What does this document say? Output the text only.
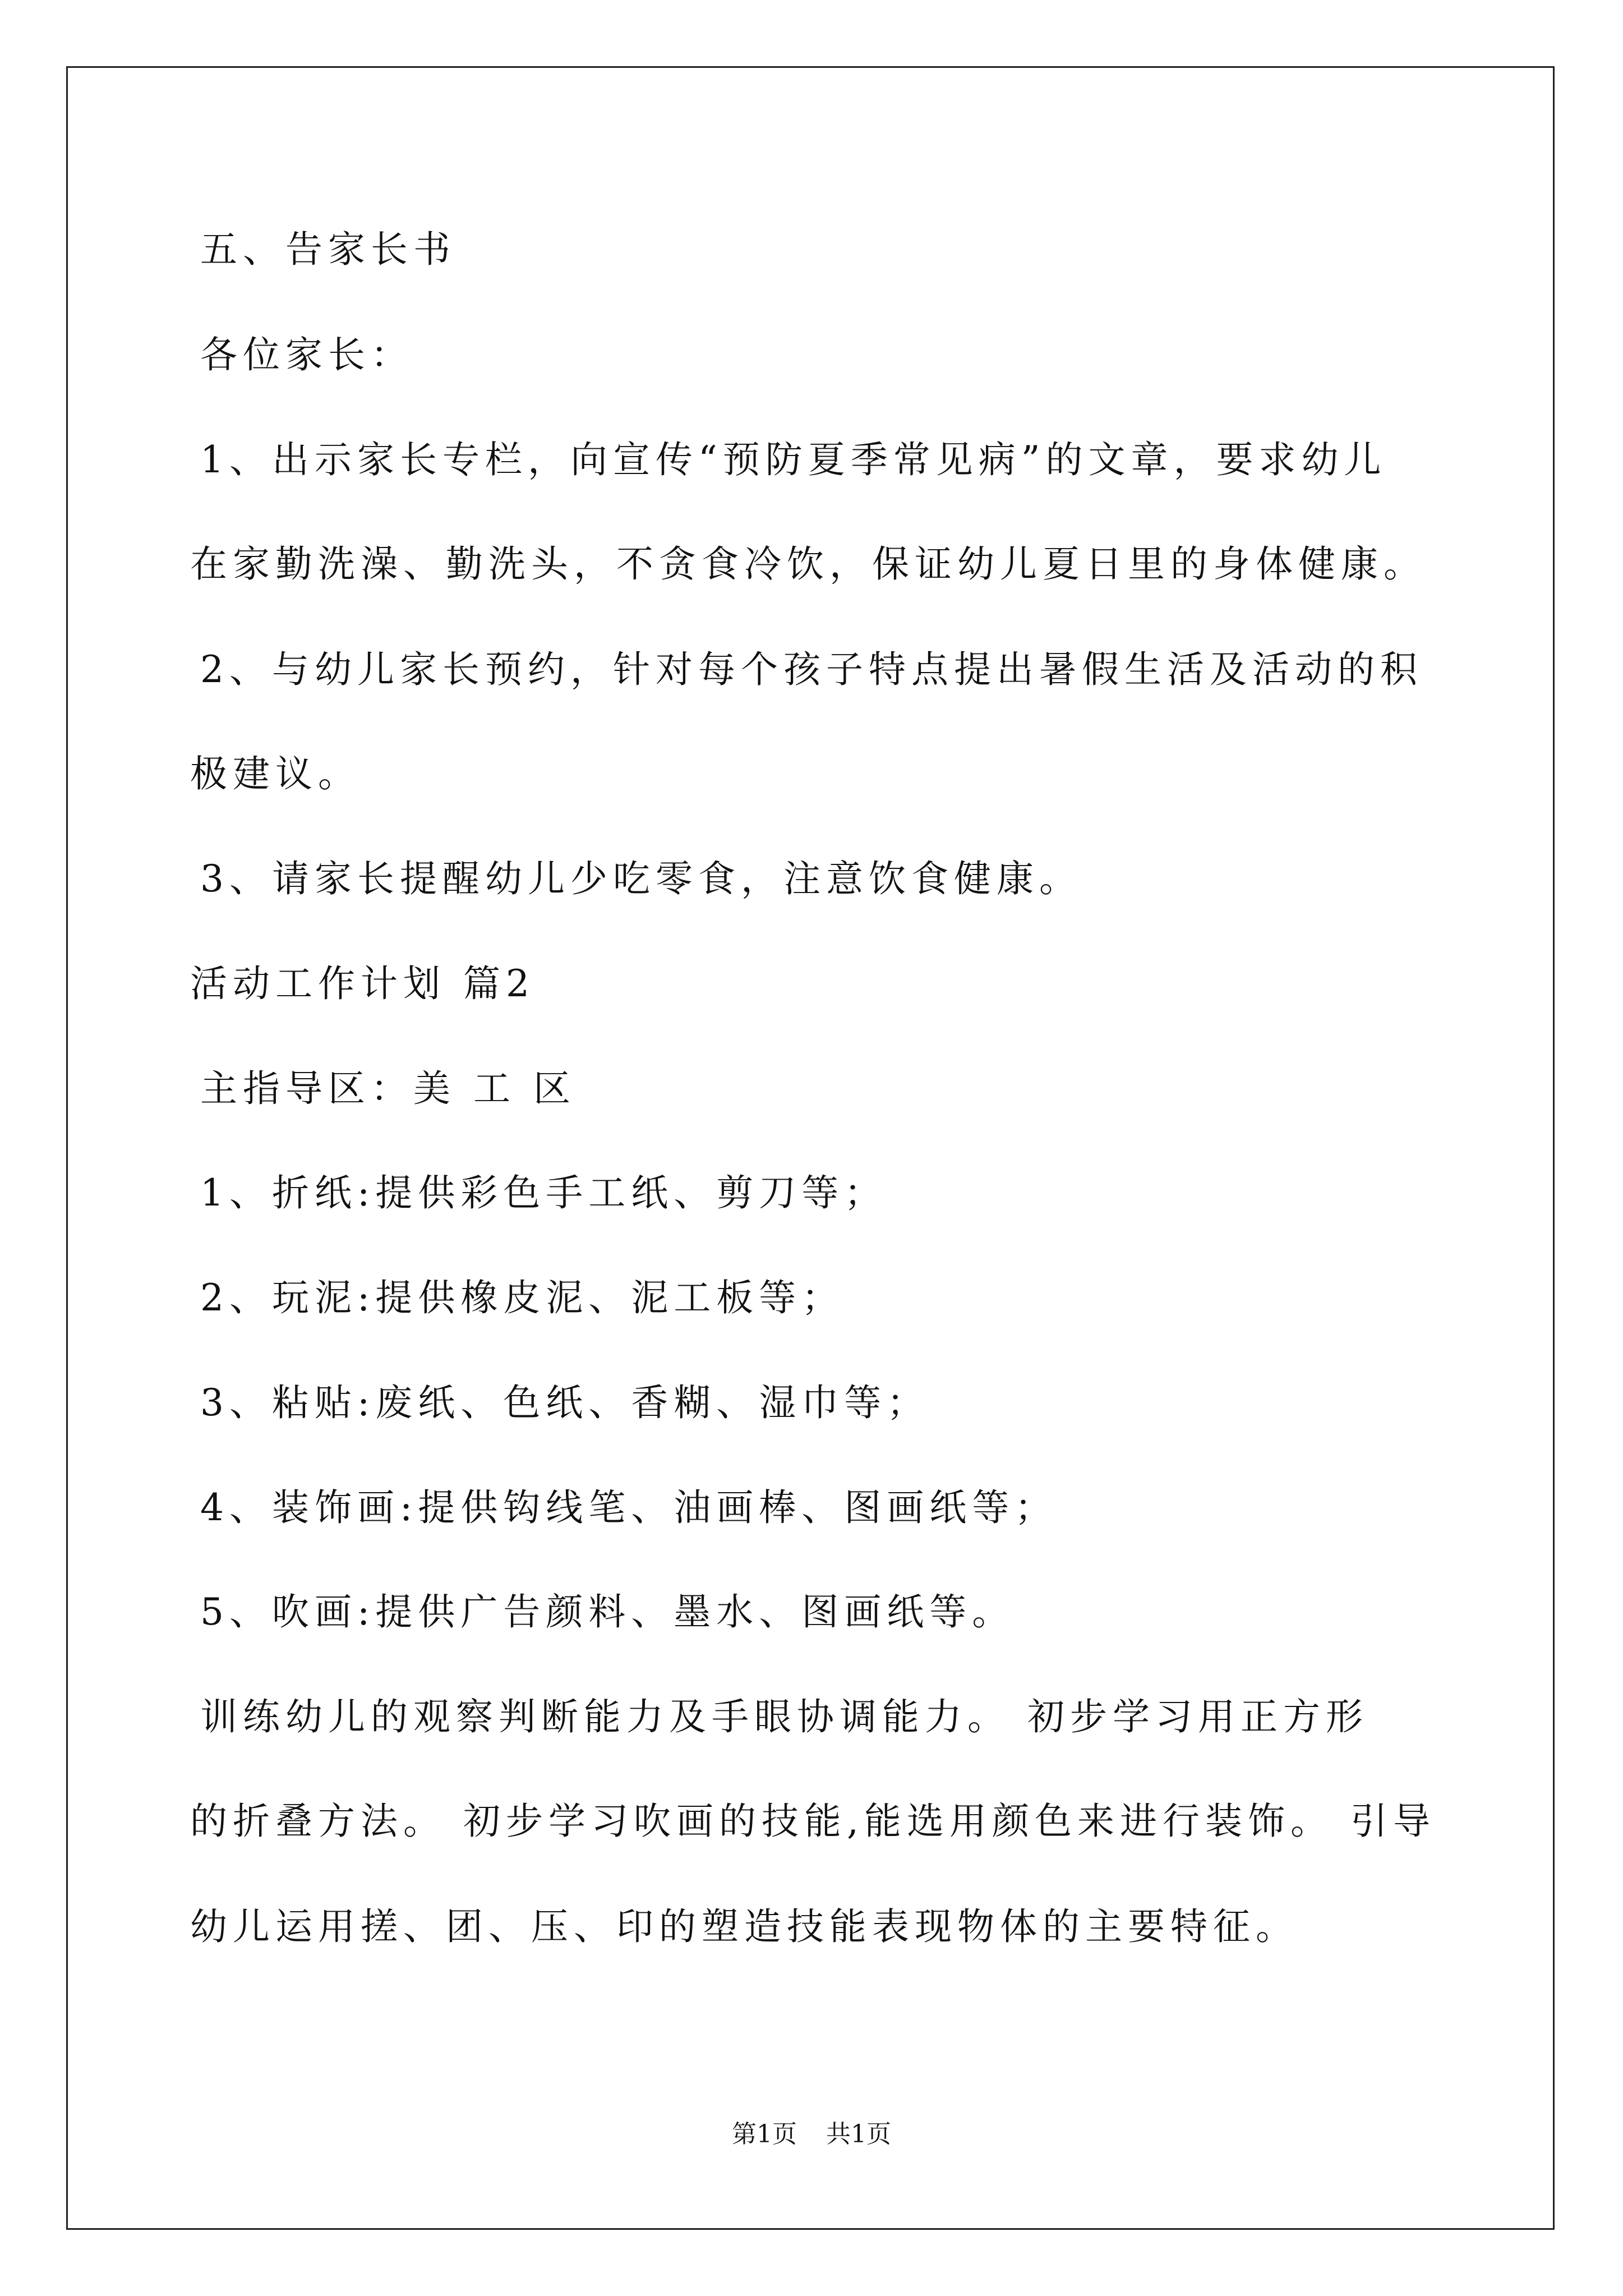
五、告家长书

各位家长：

1、出示家长专栏，向宣传“预防夏季常见病”的文章，要求幼儿

在家勤洗澡、勤洗头，不贪食冷饮，保证幼儿夏日里的身体健康。

2、与幼儿家长预约，针对每个孩子特点提出暑假生活及活动的积

极建议。

3、请家长提醒幼儿少吃零食，注意饮食健康。

活动工作计划 篇2

主指导区：美 工 区

1、折纸:提供彩色手工纸、剪刀等；

2、玩泥:提供橡皮泥、泥工板等；

3、粘贴:废纸、色纸、香糊、湿巾等；

4、装饰画:提供钩线笔、油画棒、图画纸等；

5、吹画:提供广告颜料、墨水、图画纸等。

训练幼儿的观察判断能力及手眼协调能力。 初步学习用正方形

的折叠方法。 初步学习吹画的技能,能选用颜色来进行装饰。 引导

幼儿运用搓、团、压、印的塑造技能表现物体的主要特征。

第1页 共1页
